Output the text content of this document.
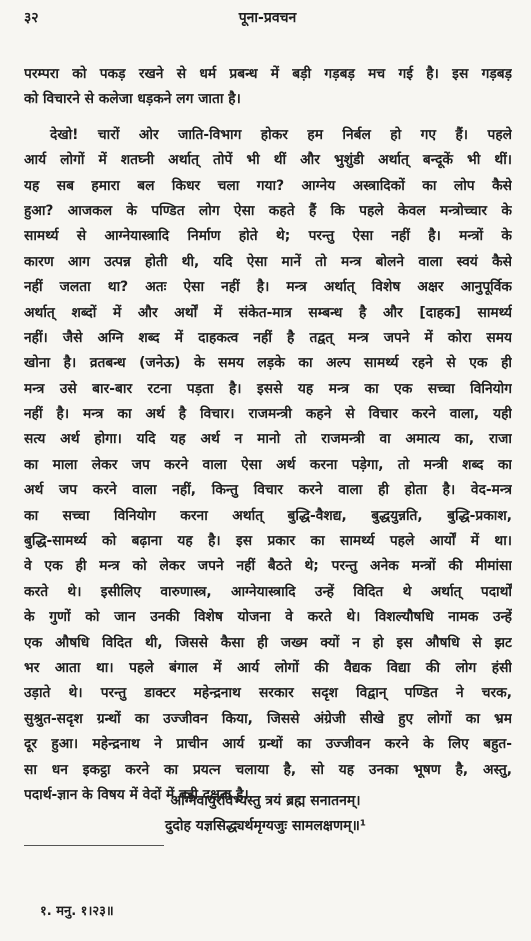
३२	पूना-प्रवचन
परम्परा को पकड़ रखने से धर्म प्रबन्ध में बड़ी गड़बड़ मच गई है। इस गड़बड़
को विचारने से कलेजा धड़कने लग जाता है।
देखो! चारों ओर जाति-विभाग होकर हम निर्बल हो गए हैं। पहले
आर्य लोगों में शतघ्नी अर्थात् तोपें भी थीं और भुशुंडी अर्थात् बन्दूकें भी थीं।
यह सब हमारा बल किधर चला गया? आग्नेय अस्त्रादिकों का लोप कैसे
हुआ? आजकल के पण्डित लोग ऐसा कहते हैं कि पहले केवल मन्त्रोच्चार के
सामर्थ्य से आग्नेयास्त्रादि निर्माण होते थे; परन्तु ऐसा नहीं है। मन्त्रों के
कारण आग उत्पन्न होती थी, यदि ऐसा मानें तो मन्त्र बोलने वाला स्वयं कैसे
नहीं जलता था? अतः ऐसा नहीं है। मन्त्र अर्थात् विशेष अक्षर आनुपूर्विक
अर्थात् शब्दों में और अर्थों में संकेत-मात्र सम्बन्ध है और [दाहक] सामर्थ्य
नहीं। जैसे अग्नि शब्द में दाहकत्व नहीं है तद्वत् मन्त्र जपने में कोरा समय
खोना है। व्रतबन्ध (जनेऊ) के समय लड़के का अल्प सामर्थ्य रहने से एक ही
मन्त्र उसे बार-बार रटना पड़ता है। इससे यह मन्त्र का एक सच्चा विनियोग
नहीं है। मन्त्र का अर्थ है विचार। राजमन्त्री कहने से विचार करने वाला, यही
सत्य अर्थ होगा। यदि यह अर्थ न मानो तो राजमन्त्री वा अमात्य का, राजा
का माला लेकर जप करने वाला ऐसा अर्थ करना पड़ेगा, तो मन्त्री शब्द का
अर्थ जप करने वाला नहीं, किन्तु विचार करने वाला ही होता है। वेद-मन्त्र
का सच्चा विनियोग करना अर्थात् बुद्धि-वैशद्य, बुद्धयुन्नति, बुद्धि-प्रकाश,
बुद्धि-सामर्थ्य को बढ़ाना यह है। इस प्रकार का सामर्थ्य पहले आर्यों में था।
वे एक ही मन्त्र को लेकर जपने नहीं बैठते थे; परन्तु अनेक मन्त्रों की मीमांसा
करते थे। इसीलिए वारुणास्त्र, आग्नेयास्त्रादि उन्हें विदित थे अर्थात् पदार्थों
के गुणों को जान उनकी विशेष योजना वे करते थे। विशल्यौषधि नामक उन्हें
एक औषधि विदित थी, जिससे कैसा ही जख्म क्यों न हो इस औषधि से झट
भर आता था। पहले बंगाल में आर्य लोगों की वैद्यक विद्या की लोग हंसी
उड़ाते थे। परन्तु डाक्टर महेन्द्रनाथ सरकार सदृश विद्वान् पण्डित ने चरक,
सुश्रुत-सदृश ग्रन्थों का उज्जीवन किया, जिससे अंग्रेजी सीखे हुए लोगों का भ्रम
दूर हुआ। महेन्द्रनाथ ने प्राचीन आर्य ग्रन्थों का उज्जीवन करने के लिए बहुत-
सा धन इकट्ठा करने का प्रयत्न चलाया है, सो यह उनका भूषण है, अस्तु,
पदार्थ-ज्ञान के विषय में वेदों में बड़ी दक्षता है।
अग्निवायुरविभ्यस्तु त्रयं ब्रह्म सनातनम्।
दुदोह यज्ञसिद्ध्यर्थमृग्यजुः सामलक्षणम्॥¹
१. मनु. १।२३॥
